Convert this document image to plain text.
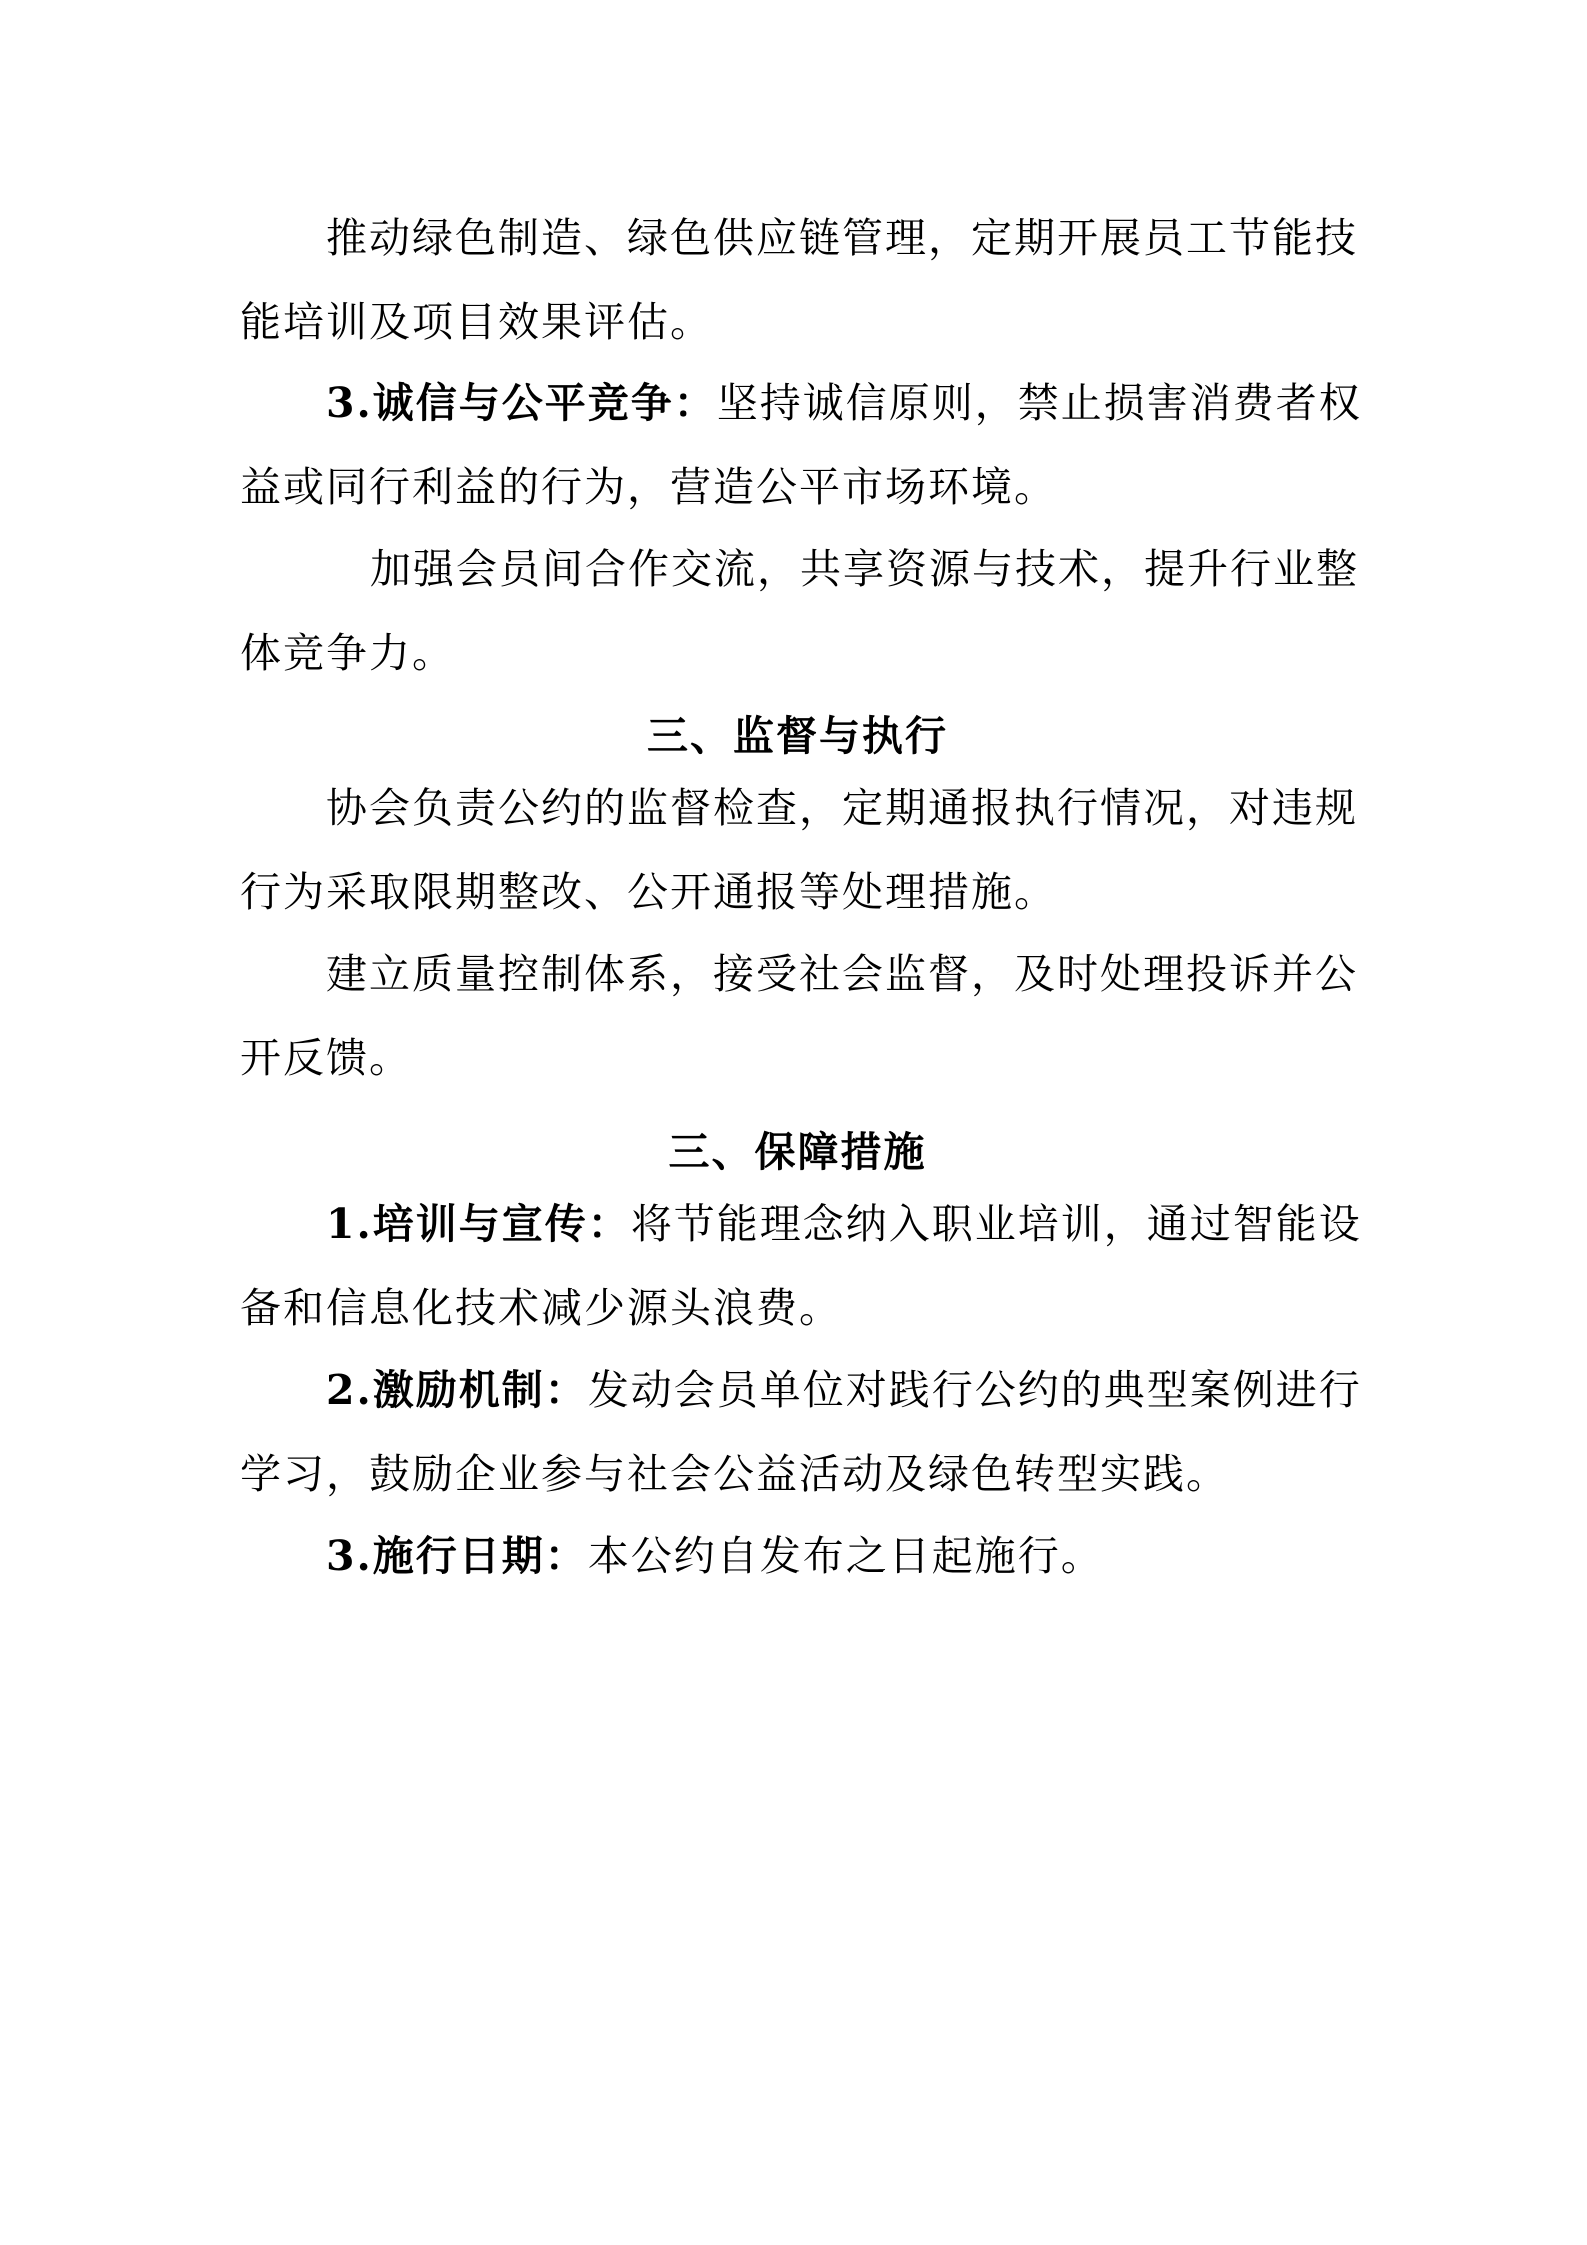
推动绿色制造、绿色供应链管理，定期开展员工节能技
能培训及项目效果评估。
3.诚信与公平竞争：坚持诚信原则，禁止损害消费者权
益或同行利益的行为，营造公平市场环境。
加强会员间合作交流，共享资源与技术，提升行业整
体竞争力。
三、监督与执行
协会负责公约的监督检查，定期通报执行情况，对违规
行为采取限期整改、公开通报等处理措施。
建立质量控制体系，接受社会监督，及时处理投诉并公
开反馈。
三、保障措施
1.培训与宣传：将节能理念纳入职业培训，通过智能设
备和信息化技术减少源头浪费。
2.激励机制：发动会员单位对践行公约的典型案例进行
学习，鼓励企业参与社会公益活动及绿色转型实践。
3.施行日期：本公约自发布之日起施行。
